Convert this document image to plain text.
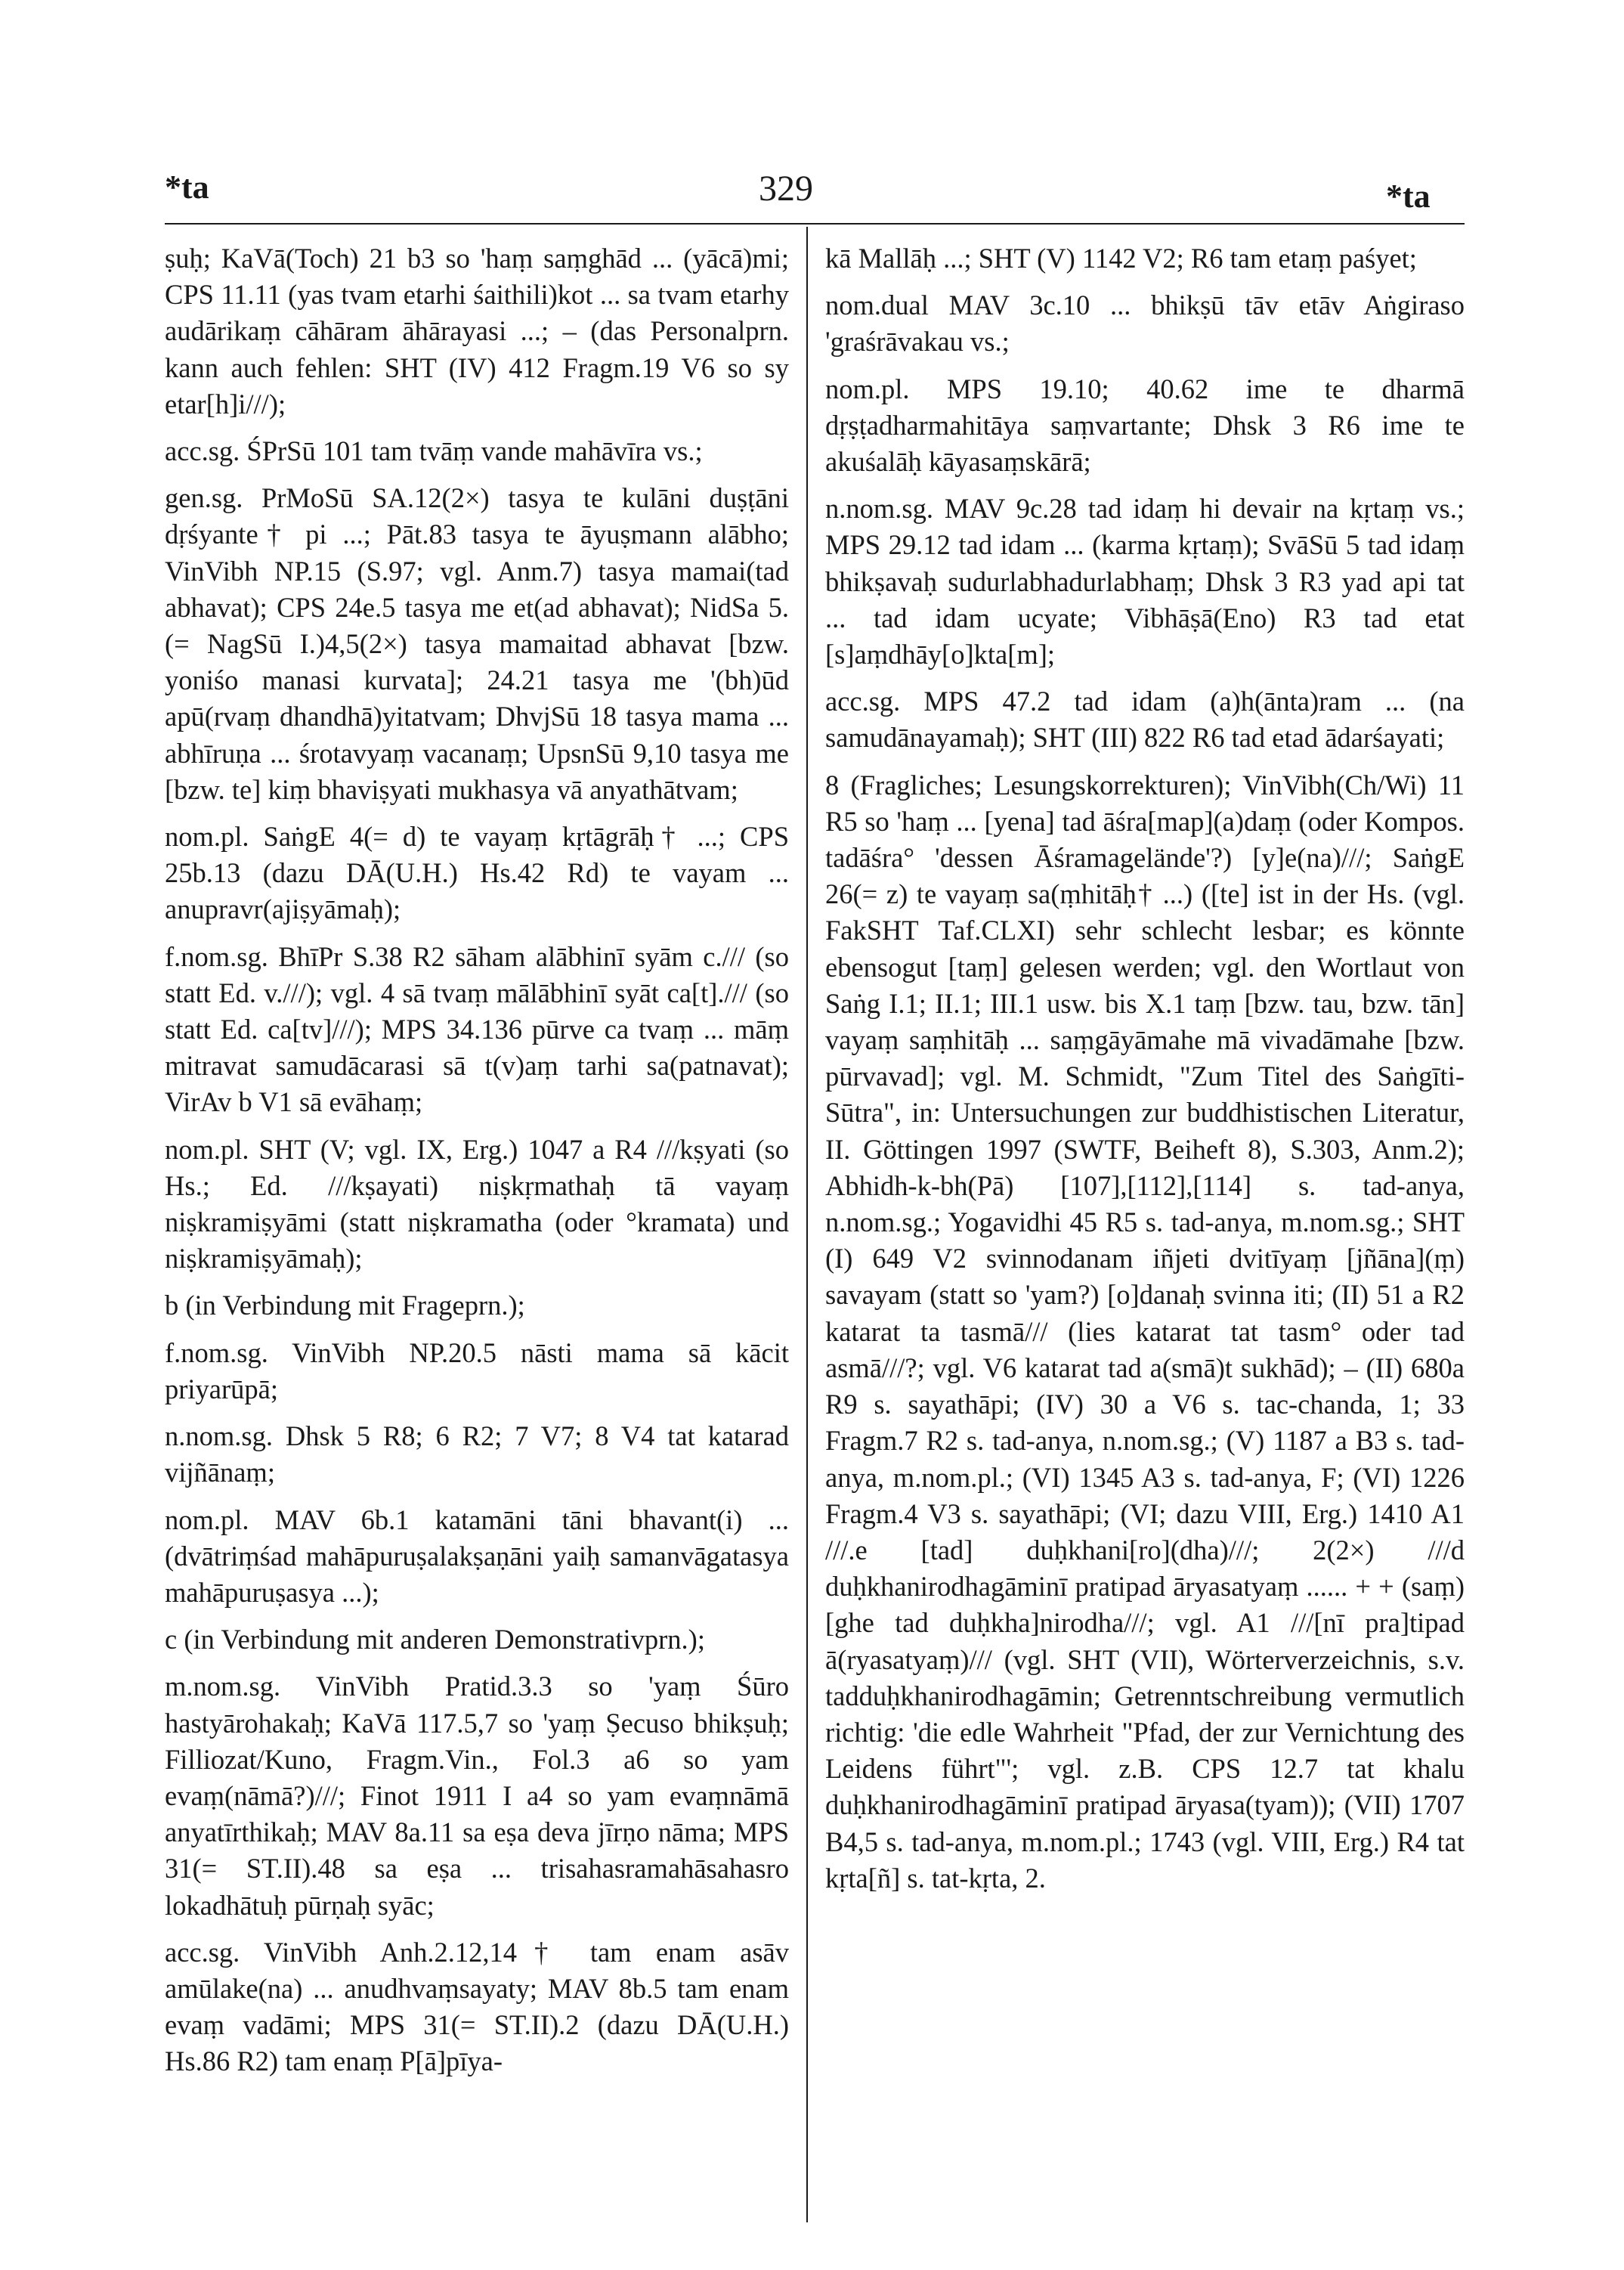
*ta	329	*ta

ṣuḥ; KaVā(Toch) 21 b3 so 'haṃ saṃghād ... (yācā)mi; CPS 11.11 (yas tvam etarhi śaithili)kot ... sa tvam etarhy audārikaṃ cāhāram āhārayasi ...; – (das Personalprn. kann auch fehlen: SHT (IV) 412 Fragm.19 V6 so sy etar[h]i///);

acc.sg. ŚPrSū 101 tam tvāṃ vande mahāvīra vs.;

gen.sg. PrMoSū SA.12(2×) tasya te kulāni duṣṭāni dṛśyante† pi ...; Pāt.83 tasya te āyuṣmann alābho; VinVibh NP.15 (S.97; vgl. Anm.7) tasya mamai(tad abhavat); CPS 24e.5 tasya me et(ad abhavat); NidSa 5.(= NagSū I.)4,5(2×) tasya mamaitad abhavat [bzw. yoniśo manasi kurvata]; 24.21 tasya me '(bh)ūd apū(rvaṃ dhandhā)yitatvam; DhvjSū 18 tasya mama ... abhīruṇa ... śrotavyaṃ vacanaṃ; UpsnSū 9,10 tasya me [bzw. te] kiṃ bhaviṣyati mukhasya vā anyathātvam;

nom.pl. SaṅgE 4(= d) te vayaṃ kṛtāgrāḥ† ...; CPS 25b.13 (dazu DĀ(U.H.) Hs.42 Rd) te vayam ... anupravr(ajiṣyāmaḥ);

f.nom.sg. BhīPr S.38 R2 sāham alābhinī syām c./// (so statt Ed. v.///); vgl. 4 sā tvaṃ mālābhinī syāt ca[t]./// (so statt Ed. ca[tv]///); MPS 34.136 pūrve ca tvaṃ ... māṃ mitravat samudācarasi sā t(v)aṃ tarhi sa(patnavat); VirAv b V1 sā evāhaṃ;

nom.pl. SHT (V; vgl. IX, Erg.) 1047 a R4 ///kṣyati (so Hs.; Ed. ///kṣayati) niṣkṛmathaḥ tā vayaṃ niṣkramiṣyāmi (statt niṣkramatha (oder °kramata) und niṣkramiṣyāmaḥ);

b (in Verbindung mit Fragеprn.);

f.nom.sg. VinVibh NP.20.5 nāsti mama sā kācit priyarūpā;

n.nom.sg. Dhsk 5 R8; 6 R2; 7 V7; 8 V4 tat katarad vijñānaṃ;

nom.pl. MAV 6b.1 katamāni tāni bhavant(i) ... (dvātriṃśad mahāpuruṣalakṣaṇāni yaiḥ samanvāgatasya mahāpuruṣasya ...);

c (in Verbindung mit anderen Demonstrativprn.);

m.nom.sg. VinVibh Pratid.3.3 so 'yaṃ Śūro hastyārohakaḥ; KaVā 117.5,7 so 'yaṃ Ṣecuso bhikṣuḥ; Filliozat/Kuno, Fragm.Vin., Fol.3 a6 so yam evaṃ(nāmā?)///; Finot 1911 I a4 so yam evaṃnāmā anyatīrthikaḥ; MAV 8a.11 sa eṣa deva jīrṇo nāma; MPS 31(= ST.II).48 sa eṣa ... trisahasramahāsahasro lokadhātuḥ pūrṇaḥ syāc;

acc.sg. VinVibh Anh.2.12,14† tam enam asāv amūlake(na) ... anudhvaṃsayaty; MAV 8b.5 tam enam evaṃ vadāmi; MPS 31(= ST.II).2 (dazu DĀ(U.H.) Hs.86 R2) tam enaṃ P[ā]pīya-

kā Mallāḥ ...; SHT (V) 1142 V2; R6 tam etaṃ paśyet;

nom.dual MAV 3c.10 ... bhikṣū tāv etāv Aṅgiraso 'graśrāvakau vs.;

nom.pl. MPS 19.10; 40.62 ime te dharmā dṛṣṭadharmahitāya saṃvartante; Dhsk 3 R6 ime te akuśalāḥ kāyasaṃskārā;

n.nom.sg. MAV 9c.28 tad idaṃ hi devair na kṛtaṃ vs.; MPS 29.12 tad idam ... (karma kṛtaṃ); SvāSū 5 tad idaṃ bhikṣavaḥ sudurlabhadurlabhaṃ; Dhsk 3 R3 yad api tat ... tad idam ucyate; Vibhāṣā(Eno) R3 tad etat [s]aṃdhāy[o]kta[m];

acc.sg. MPS 47.2 tad idam (a)h(ānta)ram ... (na samudānayamaḥ); SHT (III) 822 R6 tad etad ādarśayati;

8 (Fragliches; Lesungskorrekturen); VinVibh(Ch/Wi) 11 R5 so 'haṃ ... [yena] tad āśra[map](a)daṃ (oder Kompos. tadāśra° 'dessen Āśramagelände'?) [y]e(na)///; SaṅgE 26(= z) te vayaṃ sa(ṃhitāḥ† ...) ([te] ist in der Hs. (vgl. FakSHT Taf.CLXI) sehr schlecht lesbar; es könnte ebensogut [taṃ] gelesen werden; vgl. den Wortlaut von Saṅg I.1; II.1; III.1 usw. bis X.1 taṃ [bzw. tau, bzw. tān] vayaṃ saṃhitāḥ ... saṃgāyāmahe mā vivadāmahe [bzw. pūrvavad]; vgl. M. Schmidt, "Zum Titel des Saṅgīti-Sūtra", in: Untersuchungen zur buddhistischen Literatur, II. Göttingen 1997 (SWTF, Beiheft 8), S.303, Anm.2); Abhidh-k-bh(Pā) [107],[112],[114] s. tad-anya, n.nom.sg.; Yogavidhi 45 R5 s. tad-anya, m.nom.sg.; SHT (I) 649 V2 svinnodanam iñjeti dvitīyaṃ [jñāna](ṃ) savayam (statt so 'yam?) [o]danaḥ svinna iti; (II) 51 a R2 katarat ta tasmā/// (lies katarat tat tasm° oder tad asmā///?; vgl. V6 katarat tad a(smā)t sukhād); – (II) 680a R9 s. sayathāpi; (IV) 30 a V6 s. tac-chanda, 1; 33 Fragm.7 R2 s. tad-anya, n.nom.sg.; (V) 1187 a B3 s. tad-anya, m.nom.pl.; (VI) 1345 A3 s. tad-anya, F; (VI) 1226 Fragm.4 V3 s. sayathāpi; (VI; dazu VIII, Erg.) 1410 A1 ///.e [tad] duḥkhani[ro](dha)///; 2(2×) ///d duḥkhanirodhagāminī pratipad āryasatyaṃ ...... + + (saṃ)[ghe tad duḥkha]nirodha///; vgl. A1 ///[nī pra]tipad ā(ryasatyaṃ)/// (vgl. SHT (VII), Wörterverzeichnis, s.v. tadduḥkhanirodhagāmin; Getrenntschreibung vermutlich richtig: 'die edle Wahrheit "Pfad, der zur Vernichtung des Leidens führt"'; vgl. z.B. CPS 12.7 tat khalu duḥkhanirodhagāminī pratipad āryasa(tyam)); (VII) 1707 B4,5 s. tad-anya, m.nom.pl.; 1743 (vgl. VIII, Erg.) R4 tat kṛta[ñ] s. tat-kṛta, 2.
